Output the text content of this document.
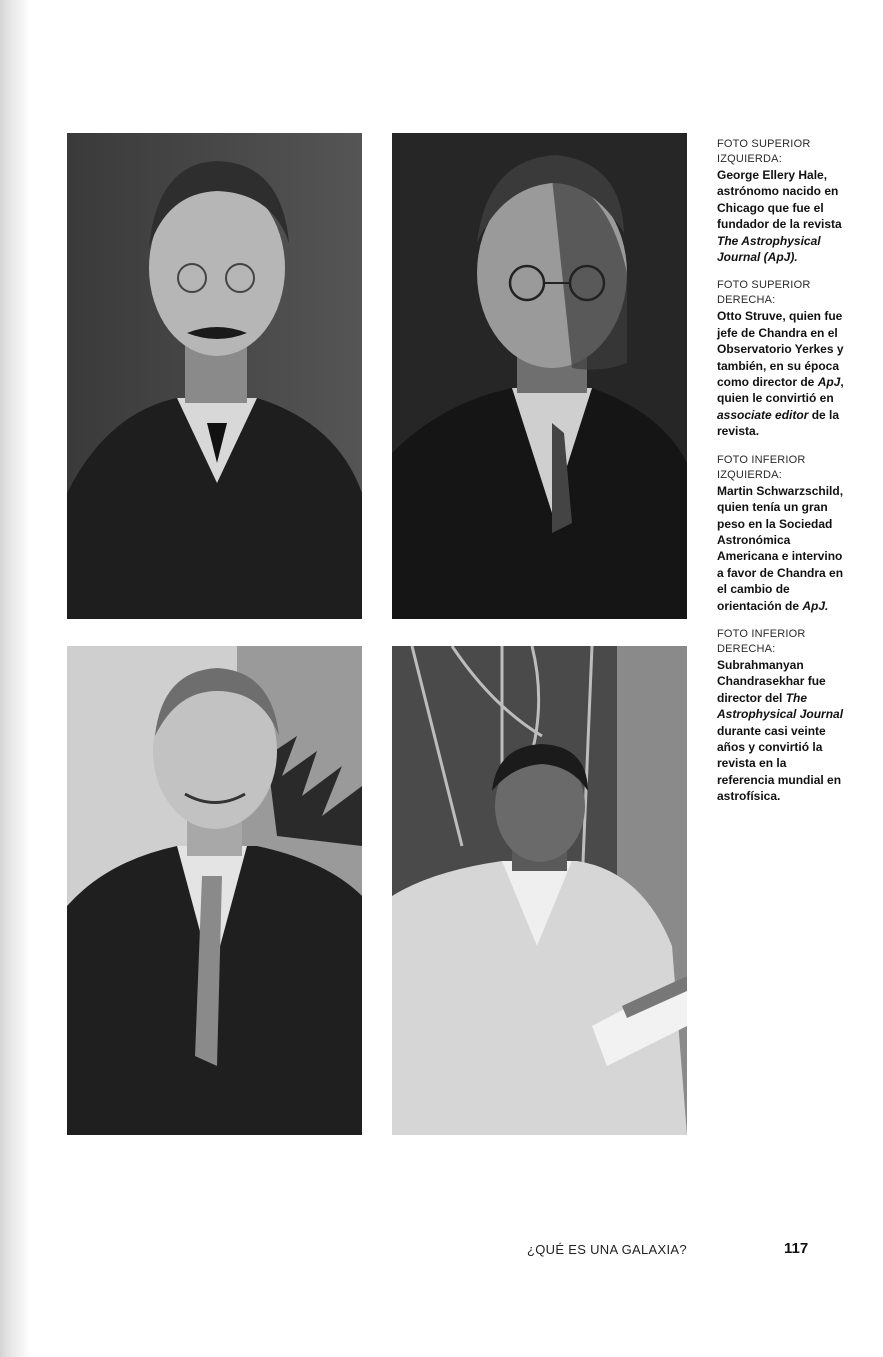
FOTO SUPERIOR IZQUIERDA:
George Ellery Hale, astrónomo nacido en Chicago que fue el fundador de la revista The Astrophysical Journal (ApJ).
FOTO SUPERIOR DERECHA:
Otto Struve, quien fue jefe de Chandra en el Observatorio Yerkes y también, en su época como director de ApJ, quien le convirtió en associate editor de la revista.
FOTO INFERIOR IZQUIERDA:
Martin Schwarzschild, quien tenía un gran peso en la Sociedad Astronómica Americana e intervino a favor de Chandra en el cambio de orientación de ApJ.
FOTO INFERIOR DERECHA:
Subrahmanyan Chandrasekhar fue director del The Astrophysical Journal durante casi veinte años y convirtió la revista en la referencia mundial en astrofísica.
¿QUÉ ES UNA GALAXIA?	117
